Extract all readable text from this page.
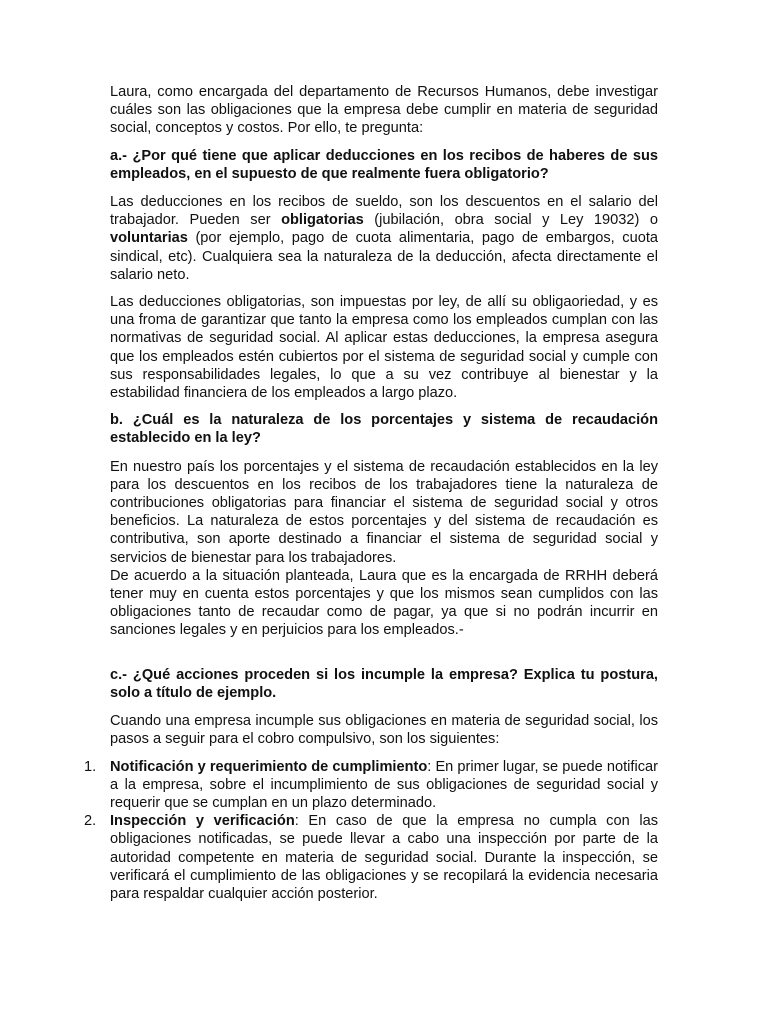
Laura, como encargada del departamento de Recursos Humanos, debe investigar cuáles son las obligaciones que la empresa debe cumplir en materia de seguridad social, conceptos y costos. Por ello, te pregunta:

a.- ¿Por qué tiene que aplicar deducciones en los recibos de haberes de sus empleados, en el supuesto de que realmente fuera obligatorio?

Las deducciones en los recibos de sueldo, son los descuentos en el salario del trabajador. Pueden ser obligatorias (jubilación, obra social y Ley 19032) o voluntarias (por ejemplo, pago de cuota alimentaria, pago de embargos, cuota sindical, etc). Cualquiera sea la naturaleza de la deducción, afecta directamente el salario neto.

Las deducciones obligatorias, son impuestas por ley, de allí su obligaoriedad, y es una froma de garantizar que tanto la empresa como los empleados cumplan con las normativas de seguridad social. Al aplicar estas deducciones, la empresa asegura que los empleados estén cubiertos por el sistema de seguridad social y cumple con sus responsabilidades legales, lo que a su vez contribuye al bienestar y la estabilidad financiera de los empleados a largo plazo.

b. ¿Cuál es la naturaleza de los porcentajes y sistema de recaudación establecido en la ley?

En nuestro país los porcentajes y el sistema de recaudación establecidos en la ley para los descuentos en los recibos de los trabajadores tiene la naturaleza de contribuciones obligatorias para financiar el sistema de seguridad social y otros beneficios. La naturaleza de estos porcentajes y del sistema de recaudación es contributiva, son aporte destinado a financiar el sistema de seguridad social y servicios de bienestar para los trabajadores.

De acuerdo a la situación planteada, Laura que es la encargada de RRHH deberá tener muy en cuenta estos porcentajes y que los mismos sean cumplidos con las obligaciones tanto de recaudar como de pagar, ya que si no podrán incurrir en sanciones legales y en perjuicios para los empleados.-

c.- ¿Qué acciones proceden si los incumple la empresa? Explica tu postura, solo a título de ejemplo.

Cuando una empresa incumple sus obligaciones en materia de seguridad social, los pasos a seguir para el cobro compulsivo, son los siguientes:

1. Notificación y requerimiento de cumplimiento: En primer lugar, se puede notificar a la empresa, sobre el incumplimiento de sus obligaciones de seguridad social y requerir que se cumplan en un plazo determinado.
2. Inspección y verificación: En caso de que la empresa no cumpla con las obligaciones notificadas, se puede llevar a cabo una inspección por parte de la autoridad competente en materia de seguridad social. Durante la inspección, se verificará el cumplimiento de las obligaciones y se recopilará la evidencia necesaria para respaldar cualquier acción posterior.
